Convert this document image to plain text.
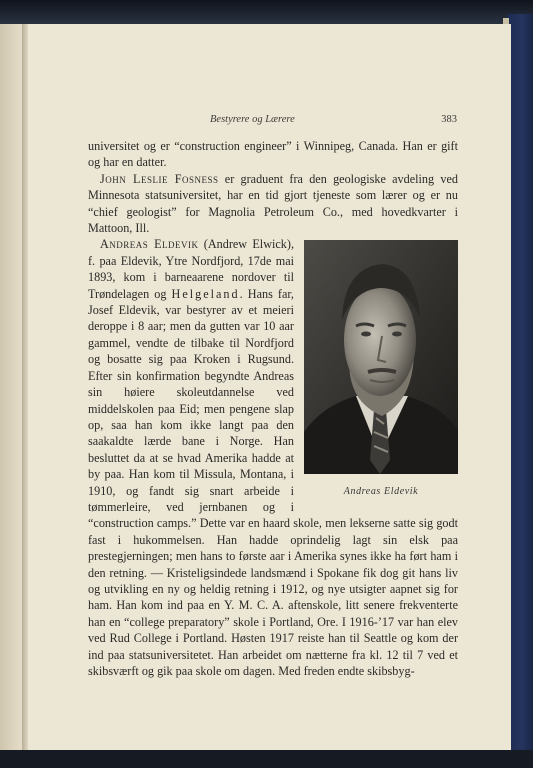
Bestyrere og Lærere	383

universitet og er “construction engineer” i Winnipeg, Canada. Han er gift og har en datter.

John Leslie Fosness er graduent fra den geologiske avdeling ved Minnesota statsuniversitet, har en tid gjort tjeneste som lærer og er nu “chief geologist” for Magnolia Petroleum Co., med hovedkvarter i Mattoon, Ill.

Andreas Eldevik

Andreas Eldevik (Andrew Elwick), f. paa Eldevik, Ytre Nordfjord, 17de mai 1893, kom i barneaarene nordover til Trøndelagen og Helgeland. Hans far, Josef Eldevik, var bestyrer av et meieri deroppe i 8 aar; men da gutten var 10 aar gammel, vendte de tilbake til Nordfjord og bosatte sig paa Kroken i Rugsund. Efter sin konfirmation begyndte Andreas sin høiere skoleutdannelse ved middelskolen paa Eid; men pengene slap op, saa han kom ikke langt paa den saakaldte lærde bane i Norge. Han besluttet da at se hvad Amerika hadde at by paa. Han kom til Missula, Montana, i 1910, og fandt sig snart arbeide i tømmerleire, ved jernbanen og i “construction camps.” Dette var en haard skole, men lekserne satte sig godt fast i hukommelsen. Han hadde oprindelig lagt sin elsk paa prestegjerningen; men hans to første aar i Amerika synes ikke ha ført ham i den retning. — Kristeligsindede landsmænd i Spokane fik dog git hans liv og utvikling en ny og heldig retning i 1912, og nye utsigter aapnet sig for ham. Han kom ind paa en Y. M. C. A. aftenskole, litt senere frekventerte han en “college preparatory” skole i Portland, Ore. I 1916-’17 var han elev ved Rud College i Portland. Høsten 1917 reiste han til Seattle og kom der ind paa statsuniversitetet. Han arbeidet om nætterne fra kl. 12 til 7 ved et skibsværft og gik paa skole om dagen. Med freden endte skibsbyg-
